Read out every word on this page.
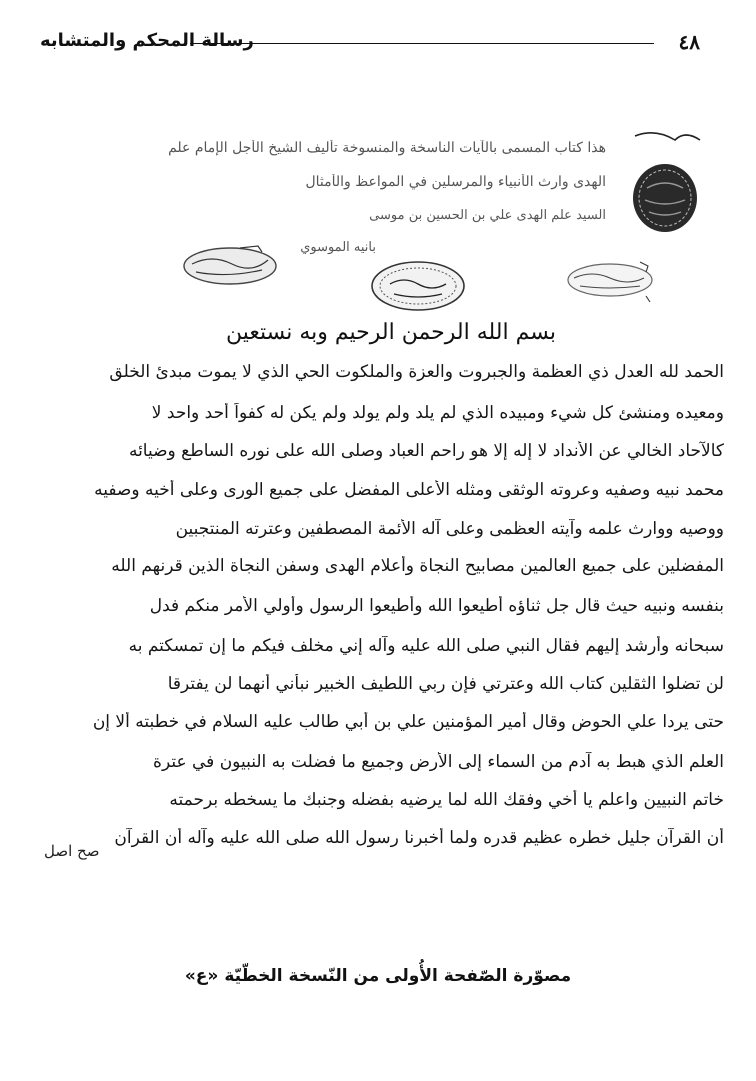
٤٨
رسالة المحكم والمتشابه
هذا كتاب المسمى بالآيات الناسخة والمنسوخة تأليف الشيخ الأجل الإمام علم
الهدى وارث الأنبياء والمرسلين في المواعظ والأمثال
السيد علم الهدى علي بن الحسين بن موسى
بانيه الموسوي
بسم الله الرحمن الرحيم وبه نستعين
الحمد لله العدل ذي العظمة والجبروت والعزة والملكوت الحي الذي لا يموت مبدئ الخلق
ومعيده ومنشئ كل شيء ومبيده الذي لم يلد ولم يولد ولم يكن له كفواً أحد واحد لا
كالآحاد الخالي عن الأنداد لا إله إلا هو راحم العباد وصلى الله على نوره الساطع وضيائه
محمد نبيه وصفيه وعروته الوثقى ومثله الأعلى المفضل على جميع الورى وعلى أخيه وصفيه
ووصيه ووارث علمه وآيته العظمى وعلى آله الأئمة المصطفين وعترته المنتجبين
المفضلين على جميع العالمين مصابيح النجاة وأعلام الهدى وسفن النجاة الذين قرنهم الله
بنفسه ونبيه حيث قال جل ثناؤه أطيعوا الله وأطيعوا الرسول وأولي الأمر منكم فدل
سبحانه وأرشد إليهم فقال النبي صلى الله عليه وآله إني مخلف فيكم ما إن تمسكتم به
لن تضلوا الثقلين كتاب الله وعترتي فإن ربي اللطيف الخبير نبأني أنهما لن يفترقا
حتى يردا علي الحوض وقال أمير المؤمنين علي بن أبي طالب عليه السلام في خطبته ألا إن
العلم الذي هبط به آدم من السماء إلى الأرض وجميع ما فضلت به النبيون في عترة
خاتم النبيين واعلم يا أخي وفقك الله لما يرضيه بفضله وجنبك ما يسخطه برحمته
أن القرآن جليل خطره عظيم قدره ولما أخبرنا رسول الله صلى الله عليه وآله أن القرآن
صح اصل
مصوّرة الصّفحة الأُولى من النّسخة الخطّيّة «ع»
